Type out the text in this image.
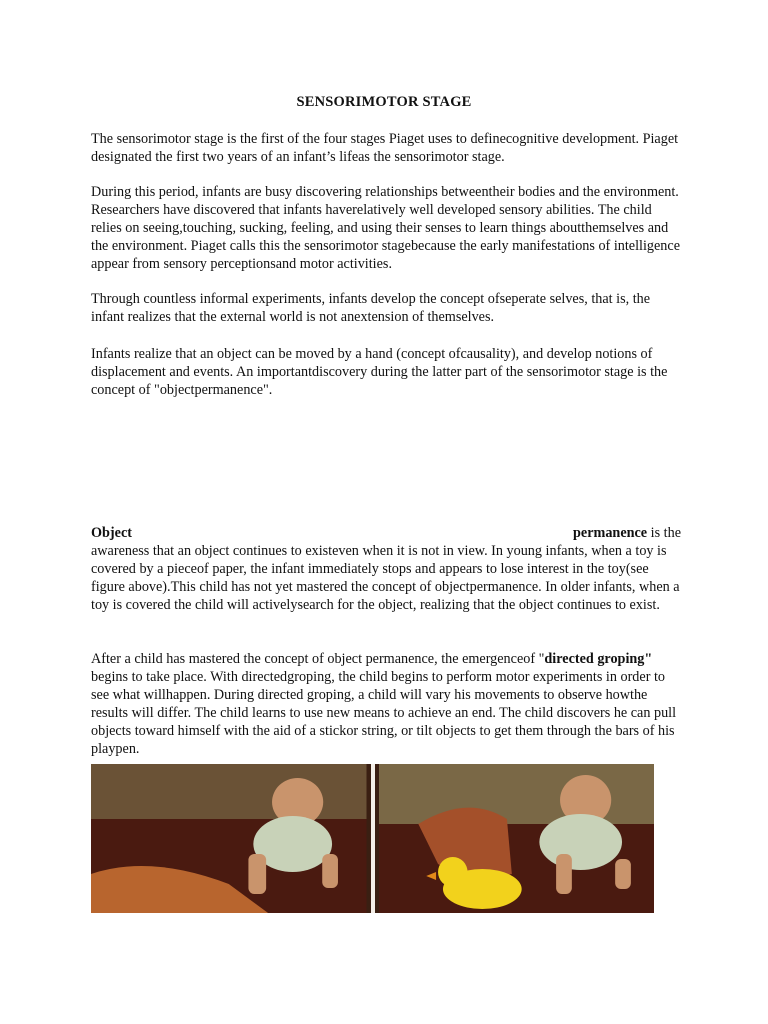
SENSORIMOTOR STAGE

The sensorimotor stage is the first of the four stages Piaget uses to definecognitive development. Piaget designated the first two years of an infant’s lifeas the sensorimotor stage.

During this period, infants are busy discovering relationships betweentheir bodies and the environment. Researchers have discovered that infants haverelatively well developed sensory abilities. The child relies on seeing,touching, sucking, feeling, and using their senses to learn things aboutthemselves and the environment. Piaget calls this the sensorimotor stagebecause the early manifestations of intelligence appear from sensory perceptionsand motor activities.

Through countless informal experiments, infants develop the concept ofseperate selves, that is, the infant realizes that the external world is not anextension of themselves.

Infants realize that an object can be moved by a hand (concept ofcausality), and develop notions of displacement and events. An importantdiscovery during the latter part of the sensorimotor stage is the concept of "objectpermanence".

Object	permanence is the
awareness that an object continues to existeven when it is not in view. In young infants, when a toy is covered by a pieceof paper, the infant immediately stops and appears to lose interest in the toy(see figure above).This child has not yet mastered the concept of objectpermanence. In older infants, when a toy is covered the child will activelysearch for the object, realizing that the object continues to exist.

After a child has mastered the concept of object permanence, the emergenceof "directed groping" begins to take place. With directedgroping, the child begins to perform motor experiments in order to see what willhappen. During directed groping, a child will vary his movements to observe howthe results will differ. The child learns to use new means to achieve an end. The child discovers he can pull objects toward himself with the aid of a stickor string, or tilt objects to get them through the bars of his playpen.
